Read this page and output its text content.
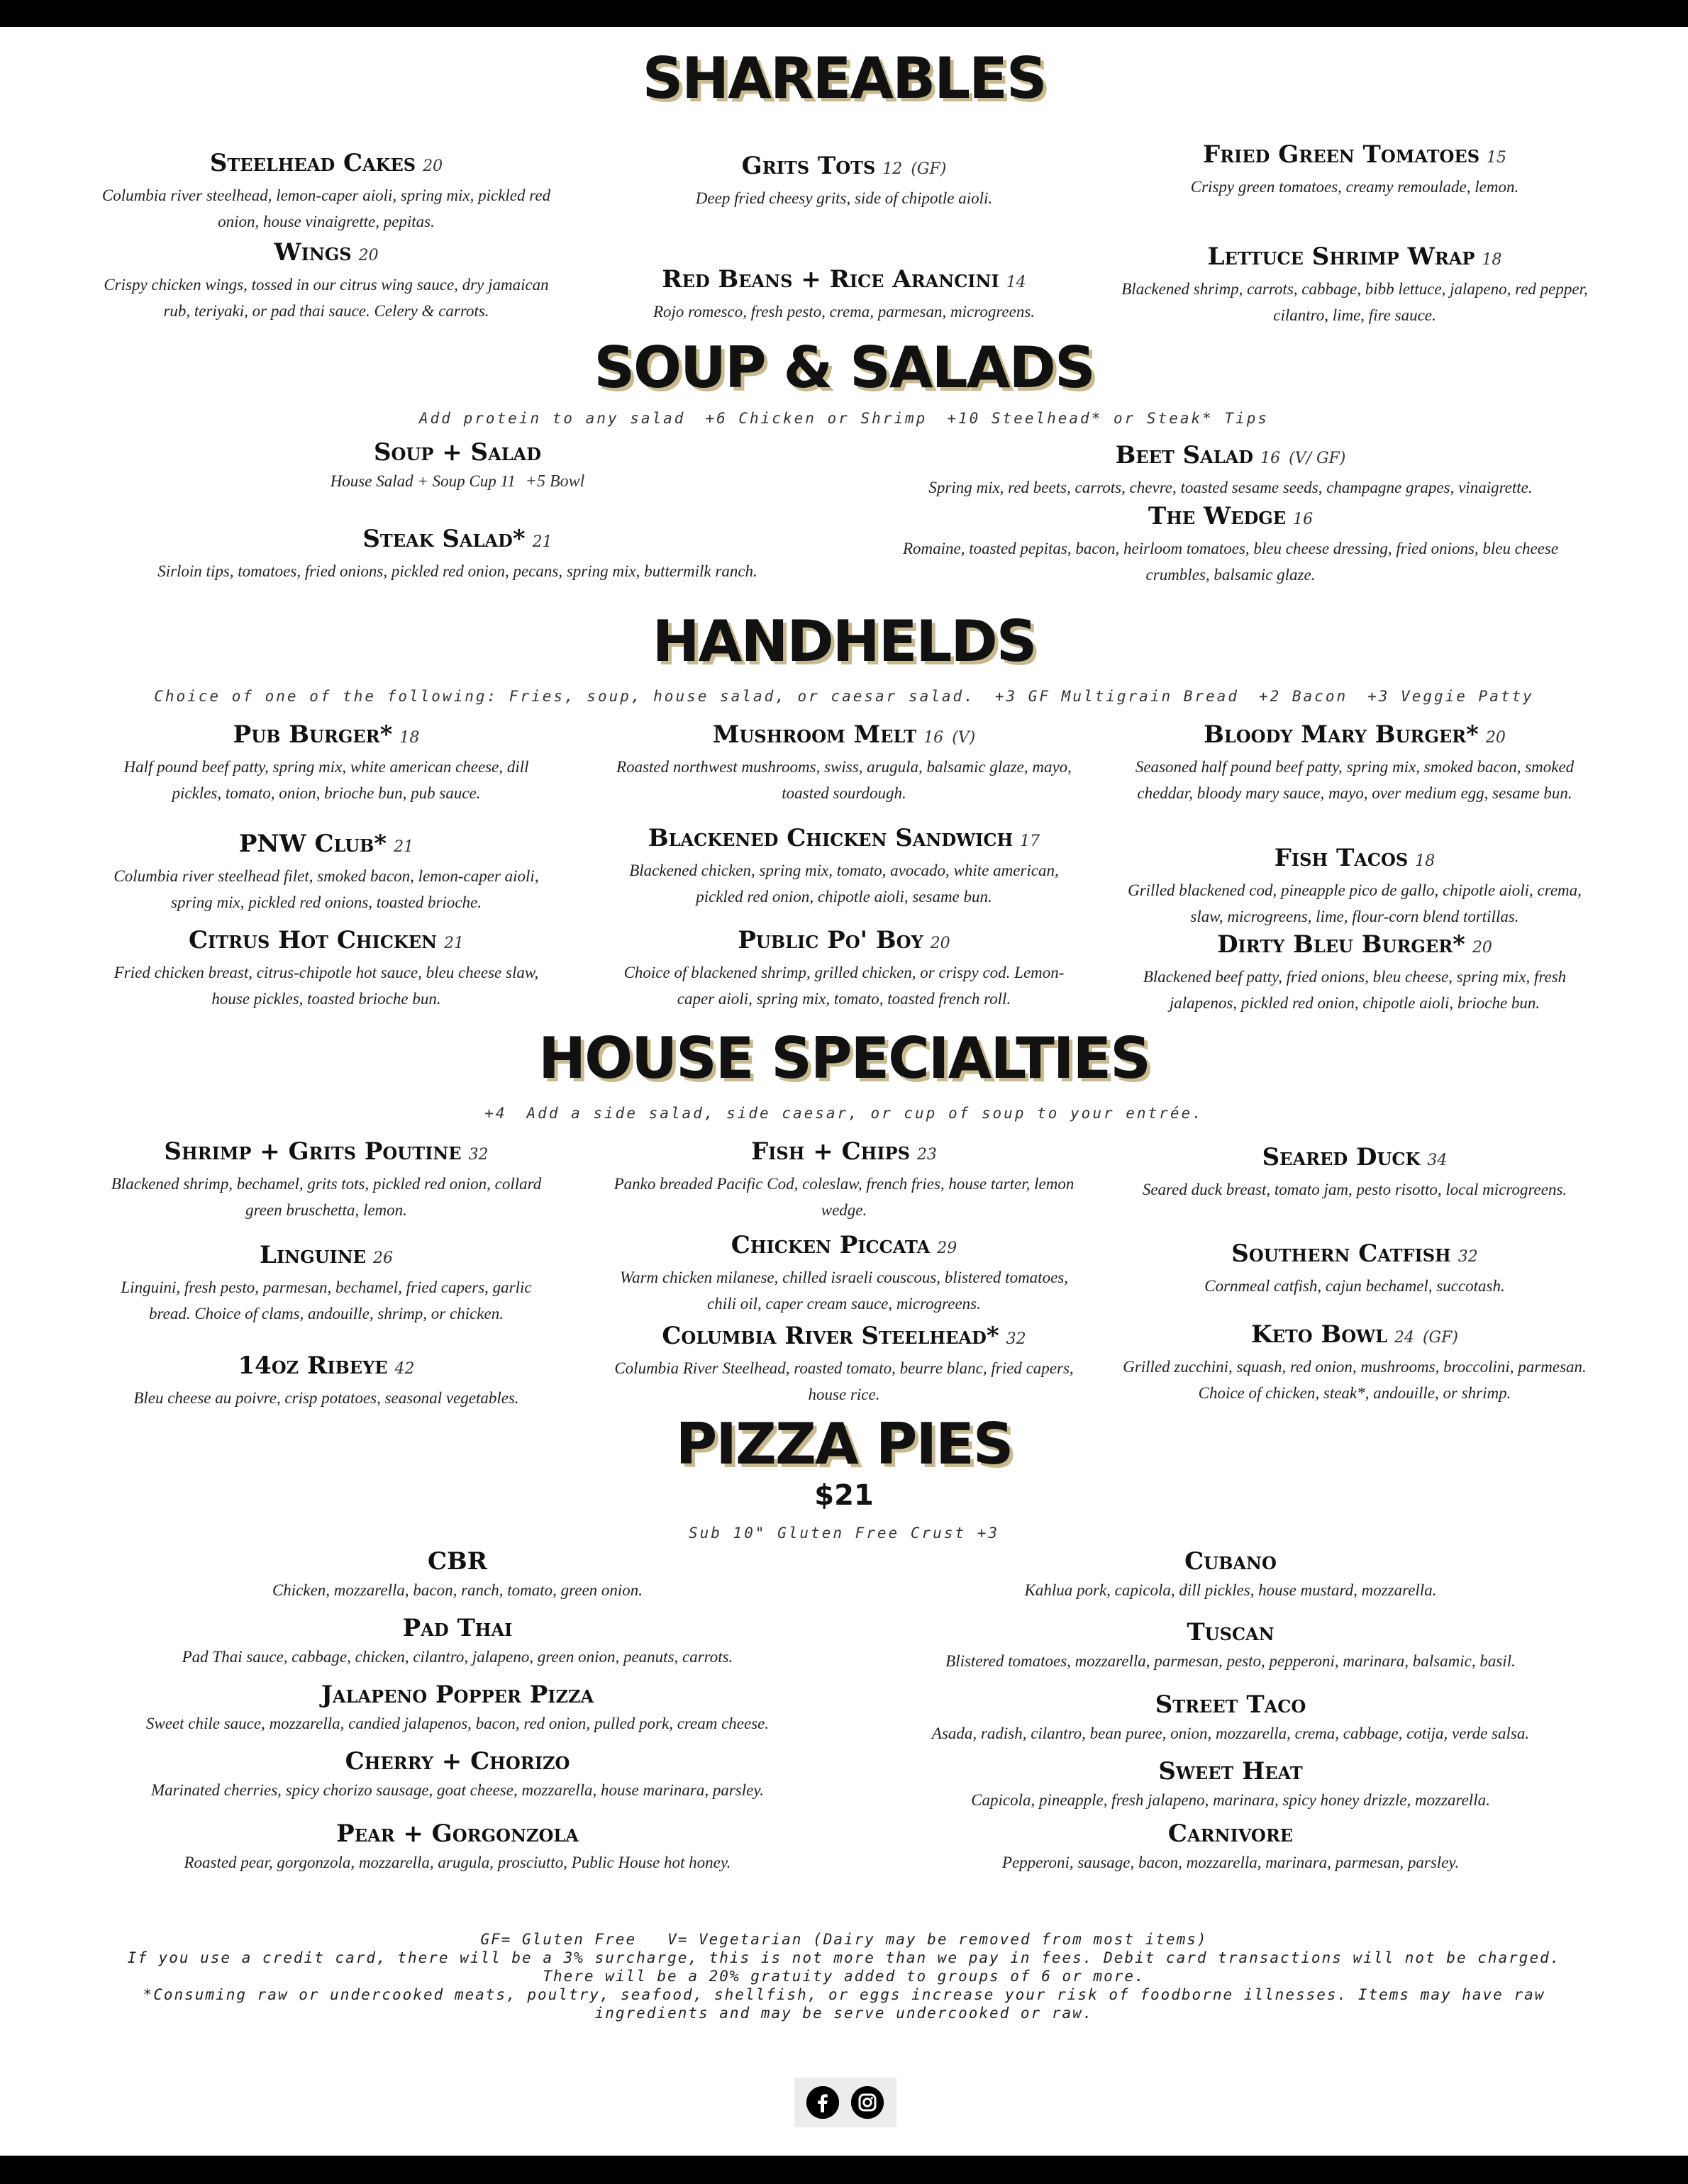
SHAREABLES
Steelhead Cakes 20
Columbia river steelhead, lemon-caper aioli, spring mix, pickled red onion, house vinaigrette, pepitas.
Wings 20
Crispy chicken wings, tossed in our citrus wing sauce, dry jamaican rub, teriyaki, or pad thai sauce. Celery & carrots.
Grits Tots 12 (GF)
Deep fried cheesy grits, side of chipotle aioli.
Red Beans + Rice Arancini 14
Rojo romesco, fresh pesto, crema, parmesan, microgreens.
Fried Green Tomatoes 15
Crispy green tomatoes, creamy remoulade, lemon.
Lettuce Shrimp Wrap 18
Blackened shrimp, carrots, cabbage, bibb lettuce, jalapeno, red pepper, cilantro, lime, fire sauce.
SOUP & SALADS
Add protein to any salad +6 Chicken or Shrimp +10 Steelhead* or Steak* Tips
Soup + Salad
House Salad + Soup Cup 11 +5 Bowl
Steak Salad* 21
Sirloin tips, tomatoes, fried onions, pickled red onion, pecans, spring mix, buttermilk ranch.
Beet Salad 16 (V/ GF)
Spring mix, red beets, carrots, chevre, toasted sesame seeds, champagne grapes, vinaigrette.
The Wedge 16
Romaine, toasted pepitas, bacon, heirloom tomatoes, bleu cheese dressing, fried onions, bleu cheese crumbles, balsamic glaze.
HANDHELDS
Choice of one of the following: Fries, soup, house salad, or caesar salad. +3 GF Multigrain Bread +2 Bacon +3 Veggie Patty
Pub Burger* 18
Half pound beef patty, spring mix, white american cheese, dill pickles, tomato, onion, brioche bun, pub sauce.
PNW Club* 21
Columbia river steelhead filet, smoked bacon, lemon-caper aioli, spring mix, pickled red onions, toasted brioche.
Citrus Hot Chicken 21
Fried chicken breast, citrus-chipotle hot sauce, bleu cheese slaw, house pickles, toasted brioche bun.
Mushroom Melt 16 (V)
Roasted northwest mushrooms, swiss, arugula, balsamic glaze, mayo, toasted sourdough.
Blackened Chicken Sandwich 17
Blackened chicken, spring mix, tomato, avocado, white american, pickled red onion, chipotle aioli, sesame bun.
Public Po' Boy 20
Choice of blackened shrimp, grilled chicken, or crispy cod. Lemon-caper aioli, spring mix, tomato, toasted french roll.
Bloody Mary Burger* 20
Seasoned half pound beef patty, spring mix, smoked bacon, smoked cheddar, bloody mary sauce, mayo, over medium egg, sesame bun.
Fish Tacos 18
Grilled blackened cod, pineapple pico de gallo, chipotle aioli, crema, slaw, microgreens, lime, flour-corn blend tortillas.
Dirty Bleu Burger* 20
Blackened beef patty, fried onions, bleu cheese, spring mix, fresh jalapenos, pickled red onion, chipotle aioli, brioche bun.
HOUSE SPECIALTIES
+4 Add a side salad, side caesar, or cup of soup to your entrée.
Shrimp + Grits Poutine 32
Blackened shrimp, bechamel, grits tots, pickled red onion, collard green bruschetta, lemon.
Linguine 26
Linguini, fresh pesto, parmesan, bechamel, fried capers, garlic bread. Choice of clams, andouille, shrimp, or chicken.
14oz Ribeye 42
Bleu cheese au poivre, crisp potatoes, seasonal vegetables.
Fish + Chips 23
Panko breaded Pacific Cod, coleslaw, french fries, house tarter, lemon wedge.
Chicken Piccata 29
Warm chicken milanese, chilled israeli couscous, blistered tomatoes, chili oil, caper cream sauce, microgreens.
Columbia River Steelhead* 32
Columbia River Steelhead, roasted tomato, beurre blanc, fried capers, house rice.
Seared Duck 34
Seared duck breast, tomato jam, pesto risotto, local microgreens.
Southern Catfish 32
Cornmeal catfish, cajun bechamel, succotash.
Keto Bowl 24 (GF)
Grilled zucchini, squash, red onion, mushrooms, broccolini, parmesan. Choice of chicken, steak*, andouille, or shrimp.
PIZZA PIES
$21
Sub 10" Gluten Free Crust +3
CBR
Chicken, mozzarella, bacon, ranch, tomato, green onion.
Pad Thai
Pad Thai sauce, cabbage, chicken, cilantro, jalapeno, green onion, peanuts, carrots.
Jalapeno Popper Pizza
Sweet chile sauce, mozzarella, candied jalapenos, bacon, red onion, pulled pork, cream cheese.
Cherry + Chorizo
Marinated cherries, spicy chorizo sausage, goat cheese, mozzarella, house marinara, parsley.
Pear + Gorgonzola
Roasted pear, gorgonzola, mozzarella, arugula, prosciutto, Public House hot honey.
Cubano
Kahlua pork, capicola, dill pickles, house mustard, mozzarella.
Tuscan
Blistered tomatoes, mozzarella, parmesan, pesto, pepperoni, marinara, balsamic, basil.
Street Taco
Asada, radish, cilantro, bean puree, onion, mozzarella, crema, cabbage, cotija, verde salsa.
Sweet Heat
Capicola, pineapple, fresh jalapeno, marinara, spicy honey drizzle, mozzarella.
Carnivore
Pepperoni, sausage, bacon, mozzarella, marinara, parmesan, parsley.
GF= Gluten Free V= Vegetarian (Dairy may be removed from most items)
If you use a credit card, there will be a 3% surcharge, this is not more than we pay in fees. Debit card transactions will not be charged.
There will be a 20% gratuity added to groups of 6 or more.
*Consuming raw or undercooked meats, poultry, seafood, shellfish, or eggs increase your risk of foodborne illnesses. Items may have raw ingredients and may be serve undercooked or raw.
